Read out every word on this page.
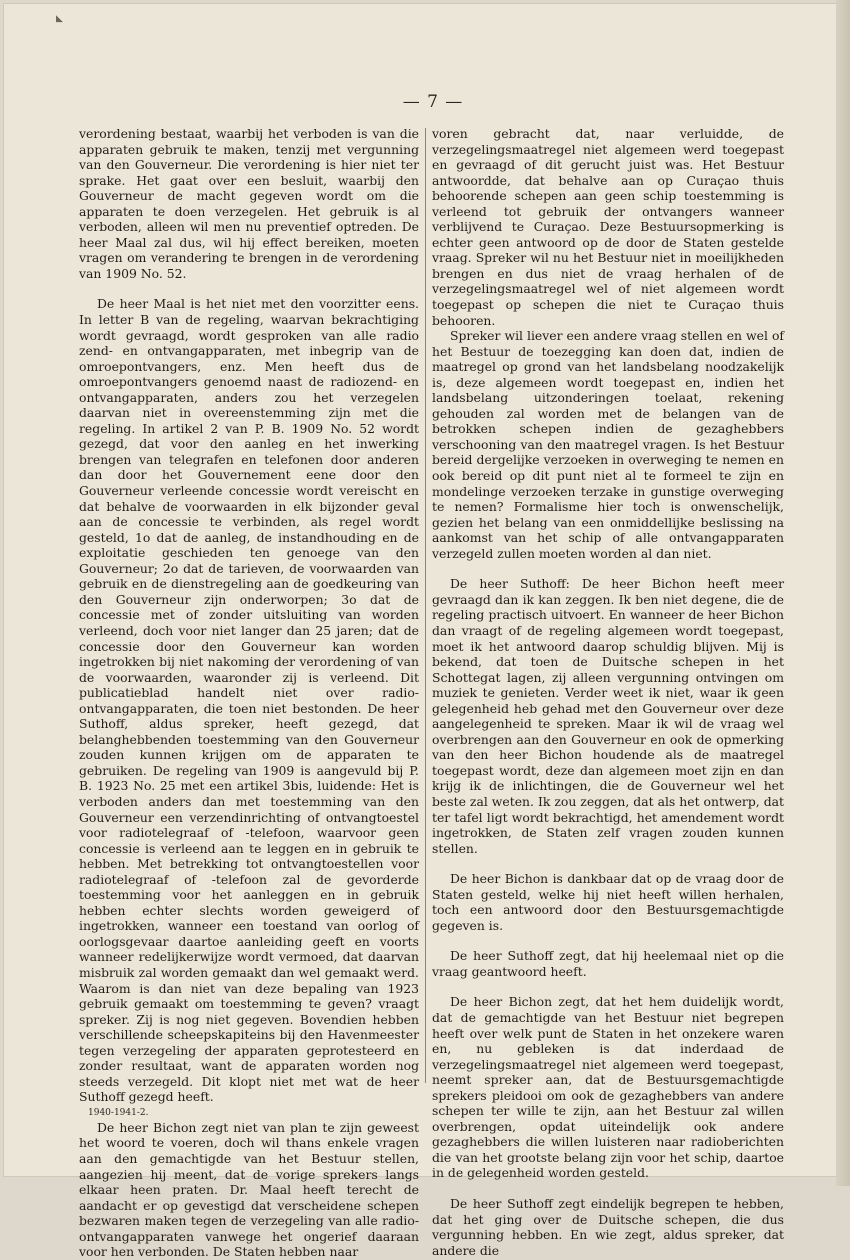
◣
— 7 —

verordening bestaat, waarbij het verboden is van die apparaten gebruik te maken, tenzij met vergunning van den Gouverneur. Die verordening is hier niet ter sprake. Het gaat over een besluit, waarbij den Gouverneur de macht gegeven wordt om die apparaten te doen verzegelen. Het gebruik is al verboden, alleen wil men nu preventief optreden. De heer Maal zal dus, wil hij effect bereiken, moeten vragen om verandering te brengen in de verordening van 1909 No. 52.

De heer Maal is het niet met den voorzitter eens. In letter B van de regeling, waarvan bekrachtiging wordt gevraagd, wordt gesproken van alle radio zend- en ontvangapparaten, met inbegrip van de omroepontvangers, enz. Men heeft dus de omroepontvangers genoemd naast de radiozend- en ontvangapparaten, anders zou het verzegelen daarvan niet in overeenstemming zijn met die regeling. In artikel 2 van P. B. 1909 No. 52 wordt gezegd, dat voor den aanleg en het inwerking brengen van telegrafen en telefonen door anderen dan door het Gouvernement eene door den Gouverneur verleende concessie wordt vereischt en dat behalve de voorwaarden in elk bijzonder geval aan de concessie te verbinden, als regel wordt gesteld, 1o dat de aanleg, de instandhouding en de exploitatie geschieden ten genoege van den Gouverneur; 2o dat de tarieven, de voorwaarden van gebruik en de dienstregeling aan de goedkeuring van den Gouverneur zijn onderworpen; 3o dat de concessie met of zonder uitsluiting van worden verleend, doch voor niet langer dan 25 jaren; dat de concessie door den Gouverneur kan worden ingetrokken bij niet nakoming der verordening of van de voorwaarden, waaronder zij is verleend. Dit publicatieblad handelt niet over radio-ontvangapparaten, die toen niet bestonden. De heer Suthoff, aldus spreker, heeft gezegd, dat belanghebbenden toestemming van den Gouverneur zouden kunnen krijgen om de apparaten te gebruiken. De regeling van 1909 is aangevuld bij P. B. 1923 No. 25 met een artikel 3bis, luidende: Het is verboden anders dan met toestemming van den Gouverneur een verzendinrichting of ontvangtoestel voor radiotelegraaf of -telefoon, waarvoor geen concessie is verleend aan te leggen en in gebruik te hebben. Met betrekking tot ontvangtoestellen voor radiotelegraaf of -telefoon zal de gevorderde toestemming voor het aanleggen en in gebruik hebben echter slechts worden geweigerd of ingetrokken, wanneer een toestand van oorlog of oorlogsgevaar daartoe aanleiding geeft en voorts wanneer redelijkerwijze wordt vermoed, dat daarvan misbruik zal worden gemaakt dan wel gemaakt werd. Waarom is dan niet van deze bepaling van 1923 gebruik gemaakt om toestemming te geven? vraagt spreker. Zij is nog niet gegeven. Bovendien hebben verschillende scheepskapiteins bij den Havenmeester tegen verzegeling der apparaten geprotesteerd en zonder resultaat, want de apparaten worden nog steeds verzegeld. Dit klopt niet met wat de heer Suthoff gezegd heeft.

De heer Bichon zegt niet van plan te zijn geweest het woord te voeren, doch wil thans enkele vragen aan den gemachtigde van het Bestuur stellen, aangezien hij meent, dat de vorige sprekers langs elkaar heen praten. Dr. Maal heeft terecht de aandacht er op gevestigd dat verscheidene schepen bezwaren maken tegen de verzegeling van alle radio-ontvangapparaten vanwege het ongerief daaraan voor hen verbonden. De Staten hebben naar

voren gebracht dat, naar verluidde, de verzegelingsmaatregel niet algemeen werd toegepast en gevraagd of dit gerucht juist was. Het Bestuur antwoordde, dat behalve aan op Curaçao thuis behoorende schepen aan geen schip toestemming is verleend tot gebruik der ontvangers wanneer verblijvend te Curaçao. Deze Bestuursopmerking is echter geen antwoord op de door de Staten gestelde vraag. Spreker wil nu het Bestuur niet in moeilijkheden brengen en dus niet de vraag herhalen of de verzegelingsmaatregel wel of niet algemeen wordt toegepast op schepen die niet te Curaçao thuis behooren.

Spreker wil liever een andere vraag stellen en wel of het Bestuur de toezegging kan doen dat, indien de maatregel op grond van het landsbelang noodzakelijk is, deze algemeen wordt toegepast en, indien het landsbelang uitzonderingen toelaat, rekening gehouden zal worden met de belangen van de betrokken schepen indien de gezaghebbers verschooning van den maatregel vragen. Is het Bestuur bereid dergelijke verzoeken in overweging te nemen en ook bereid op dit punt niet al te formeel te zijn en mondelinge verzoeken terzake in gunstige overweging te nemen? Formalisme hier toch is onwenschelijk, gezien het belang van een onmiddellijke beslissing na aankomst van het schip of alle ontvangapparaten verzegeld zullen moeten worden al dan niet.

De heer Suthoff: De heer Bichon heeft meer gevraagd dan ik kan zeggen. Ik ben niet degene, die de regeling practisch uitvoert. En wanneer de heer Bichon dan vraagt of de regeling algemeen wordt toegepast, moet ik het antwoord daarop schuldig blijven. Mij is bekend, dat toen de Duitsche schepen in het Schottegat lagen, zij alleen vergunning ontvingen om muziek te genieten. Verder weet ik niet, waar ik geen gelegenheid heb gehad met den Gouverneur over deze aangelegenheid te spreken. Maar ik wil de vraag wel overbrengen aan den Gouverneur en ook de opmerking van den heer Bichon houdende als de maatregel toegepast wordt, deze dan algemeen moet zijn en dan krijg ik de inlichtingen, die de Gouverneur wel het beste zal weten. Ik zou zeggen, dat als het ontwerp, dat ter tafel ligt wordt bekrachtigd, het amendement wordt ingetrokken, de Staten zelf vragen zouden kunnen stellen.

De heer Bichon is dankbaar dat op de vraag door de Staten gesteld, welke hij niet heeft willen herhalen, toch een antwoord door den Bestuursgemachtigde gegeven is.

De heer Suthoff zegt, dat hij heelemaal niet op die vraag geantwoord heeft.

De heer Bichon zegt, dat het hem duidelijk wordt, dat de gemachtigde van het Bestuur niet begrepen heeft over welk punt de Staten in het onzekere waren en, nu gebleken is dat inderdaad de verzegelingsmaatregel niet algemeen werd toegepast, neemt spreker aan, dat de Bestuursgemachtigde sprekers pleidooi om ook de gezaghebbers van andere schepen ter wille te zijn, aan het Bestuur zal willen overbrengen, opdat uiteindelijk ook andere gezaghebbers die willen luisteren naar radioberichten die van het grootste belang zijn voor het schip, daartoe in de gelegenheid worden gesteld.

De heer Suthoff zegt eindelijk begrepen te hebben, dat het ging over de Duitsche schepen, die dus vergunning hebben. En wie zegt, aldus spreker, dat andere die

1940-1941-2.
